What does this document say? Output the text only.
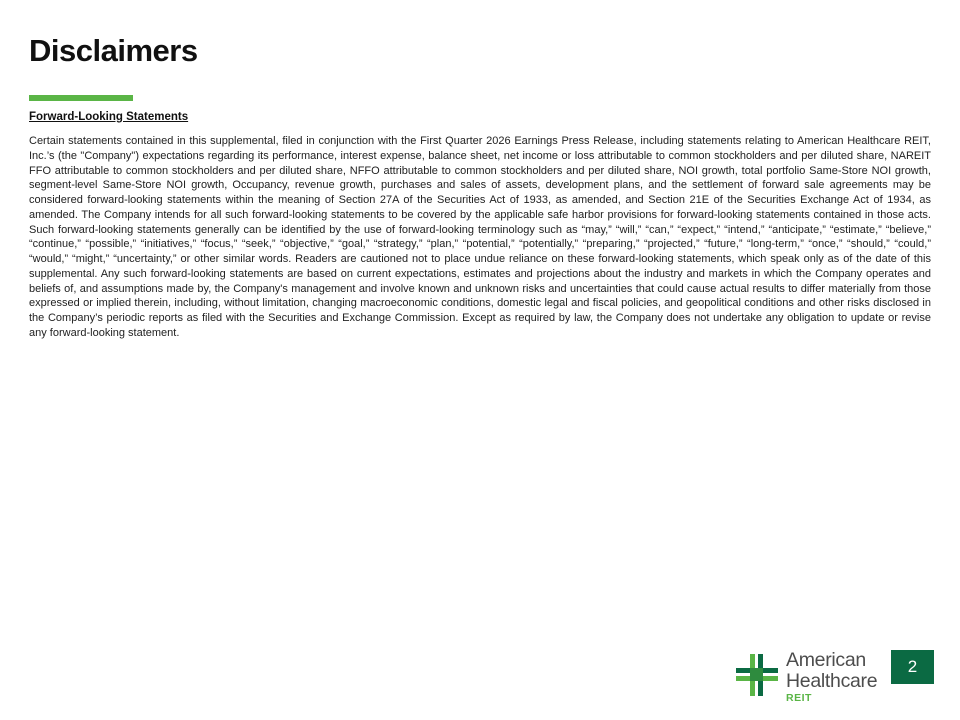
Disclaimers
Forward-Looking Statements

Certain statements contained in this supplemental, filed in conjunction with the First Quarter 2026 Earnings Press Release, including statements relating to American Healthcare REIT, Inc.’s (the "Company") expectations regarding its performance, interest expense, balance sheet, net income or loss attributable to common stockholders and per diluted share, NAREIT FFO attributable to common stockholders and per diluted share, NFFO attributable to common stockholders and per diluted share, NOI growth, total portfolio Same-Store NOI growth, segment-level Same-Store NOI growth, Occupancy, revenue growth, purchases and sales of assets, development plans, and the settlement of forward sale agreements may be considered forward-looking statements within the meaning of Section 27A of the Securities Act of 1933, as amended, and Section 21E of the Securities Exchange Act of 1934, as amended. The Company intends for all such forward-looking statements to be covered by the applicable safe harbor provisions for forward-looking statements contained in those acts. Such forward-looking statements generally can be identified by the use of forward-looking terminology such as “may,” “will,” “can,” “expect,” “intend,” “anticipate,” “estimate,” “believe,” “continue,” “possible,” “initiatives,” “focus,” “seek,” “objective,” “goal,” “strategy,” “plan,” “potential,” “potentially,” “preparing,” “projected,” “future,” “long-term,” “once,” “should,” “could,” “would,” “might,” “uncertainty,” or other similar words. Readers are cautioned not to place undue reliance on these forward-looking statements, which speak only as of the date of this supplemental. Any such forward-looking statements are based on current expectations, estimates and projections about the industry and markets in which the Company operates and beliefs of, and assumptions made by, the Company's management and involve known and unknown risks and uncertainties that could cause actual results to differ materially from those expressed or implied therein, including, without limitation, changing macroeconomic conditions, domestic legal and fiscal policies, and geopolitical conditions and other risks disclosed in the Company’s periodic reports as filed with the Securities and Exchange Commission. Except as required by law, the Company does not undertake any obligation to update or revise any forward-looking statement.

American
Healthcare
REIT
2
